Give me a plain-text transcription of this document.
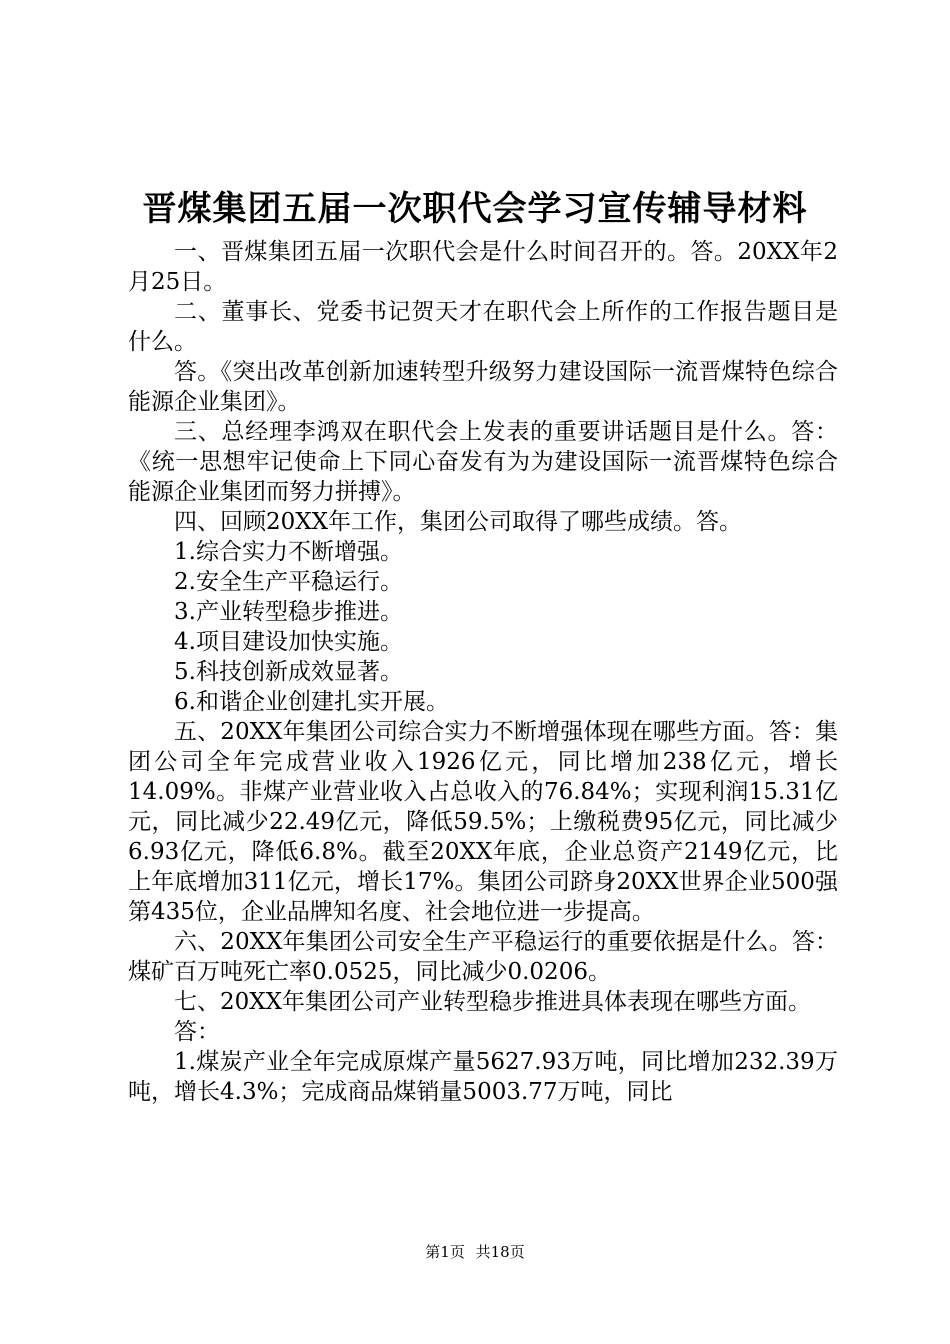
晋煤集团五届一次职代会学习宣传辅导材料

一、晋煤集团五届一次职代会是什么时间召开的。答。20XX年2月25日。

二、董事长、党委书记贺天才在职代会上所作的工作报告题目是什么。

答。《突出改革创新加速转型升级努力建设国际一流晋煤特色综合能源企业集团》。

三、总经理李鸿双在职代会上发表的重要讲话题目是什么。答：《统一思想牢记使命上下同心奋发有为为建设国际一流晋煤特色综合能源企业集团而努力拼搏》。

四、回顾20XX年工作，集团公司取得了哪些成绩。答。

1.综合实力不断增强。

2.安全生产平稳运行。

3.产业转型稳步推进。

4.项目建设加快实施。

5.科技创新成效显著。

6.和谐企业创建扎实开展。

五、20XX年集团公司综合实力不断增强体现在哪些方面。答：集团公司全年完成营业收入1926亿元，同比增加238亿元，增长14.09%。非煤产业营业收入占总收入的76.84%；实现利润15.31亿元，同比减少22.49亿元，降低59.5%；上缴税费95亿元，同比减少6.93亿元，降低6.8%。截至20XX年底，企业总资产2149亿元，比上年底增加311亿元，增长17%。集团公司跻身20XX世界企业500强第435位，企业品牌知名度、社会地位进一步提高。

六、20XX年集团公司安全生产平稳运行的重要依据是什么。答：煤矿百万吨死亡率0.0525，同比减少0.0206。

七、20XX年集团公司产业转型稳步推进具体表现在哪些方面。

答：

1.煤炭产业全年完成原煤产量5627.93万吨，同比增加232.39万吨，增长4.3%；完成商品煤销量5003.77万吨，同比

第1页 共18页
